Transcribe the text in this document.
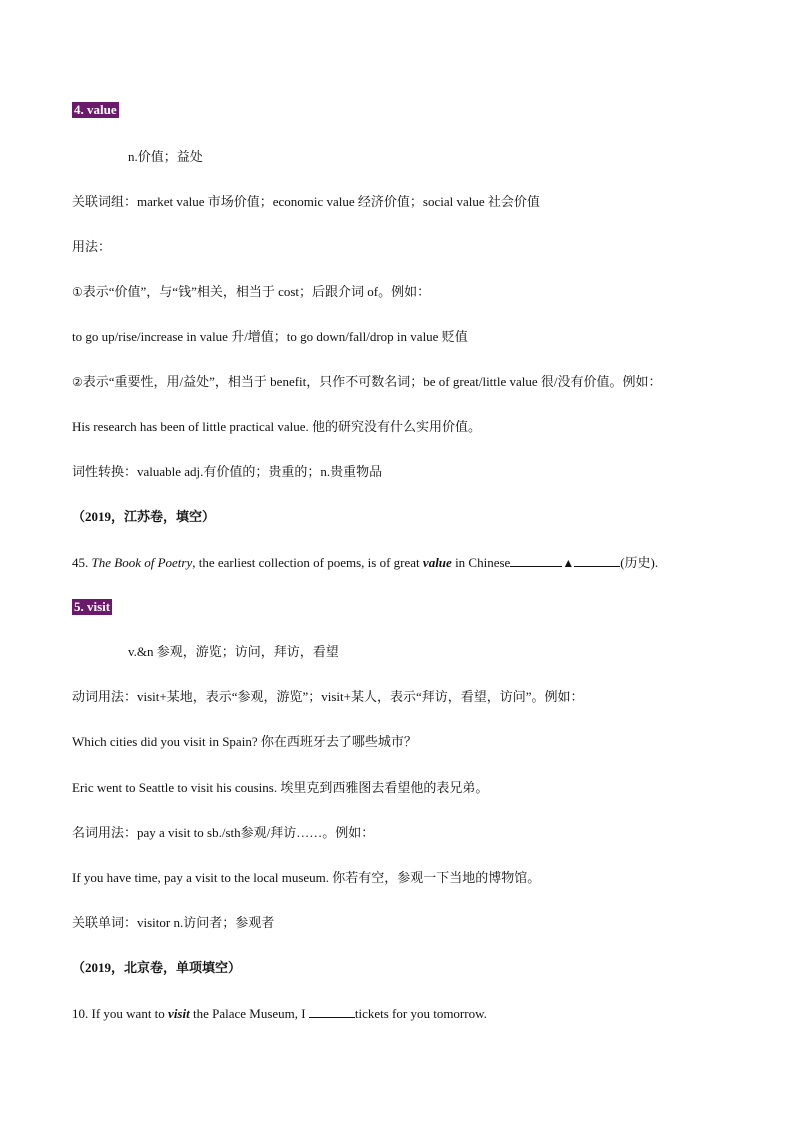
4. value
n.价值；益处
关联词组：market value 市场价值；economic value 经济价值；social value 社会价值
用法：
①表示“价值”，与“钱”相关，相当于 cost；后跟介词 of。例如：
to go up/rise/increase in value 升/增值；to go down/fall/drop in value 贬值
②表示“重要性，用/益处”，相当于 benefit，只作不可数名词；be of great/little value 很/没有价值。例如：
His research has been of little practical value. 他的研究没有什么实用价值。
词性转换：valuable adj.有价值的；贵重的；n.贵重物品
（2019，江苏卷，填空）
45. The Book of Poetry, the earliest collection of poems, is of great value in Chinese	▲	(历史).
5. visit
v.&n 参观，游览；访问，拜访，看望
动词用法：visit+某地，表示“参观，游览”；visit+某人，表示“拜访，看望，访问”。例如：
Which cities did you visit in Spain? 你在西班牙去了哪些城市？
Eric went to Seattle to visit his cousins. 埃里克到西雅图去看望他的表兄弟。
名词用法：pay a visit to sb./sth参观/拜访……。例如：
If you have time, pay a visit to the local museum. 你若有空，参观一下当地的博物馆。
关联单词：visitor n.访问者；参观者
（2019，北京卷，单项填空）
10. If you want to visit the Palace Museum, I	tickets for you tomorrow.
